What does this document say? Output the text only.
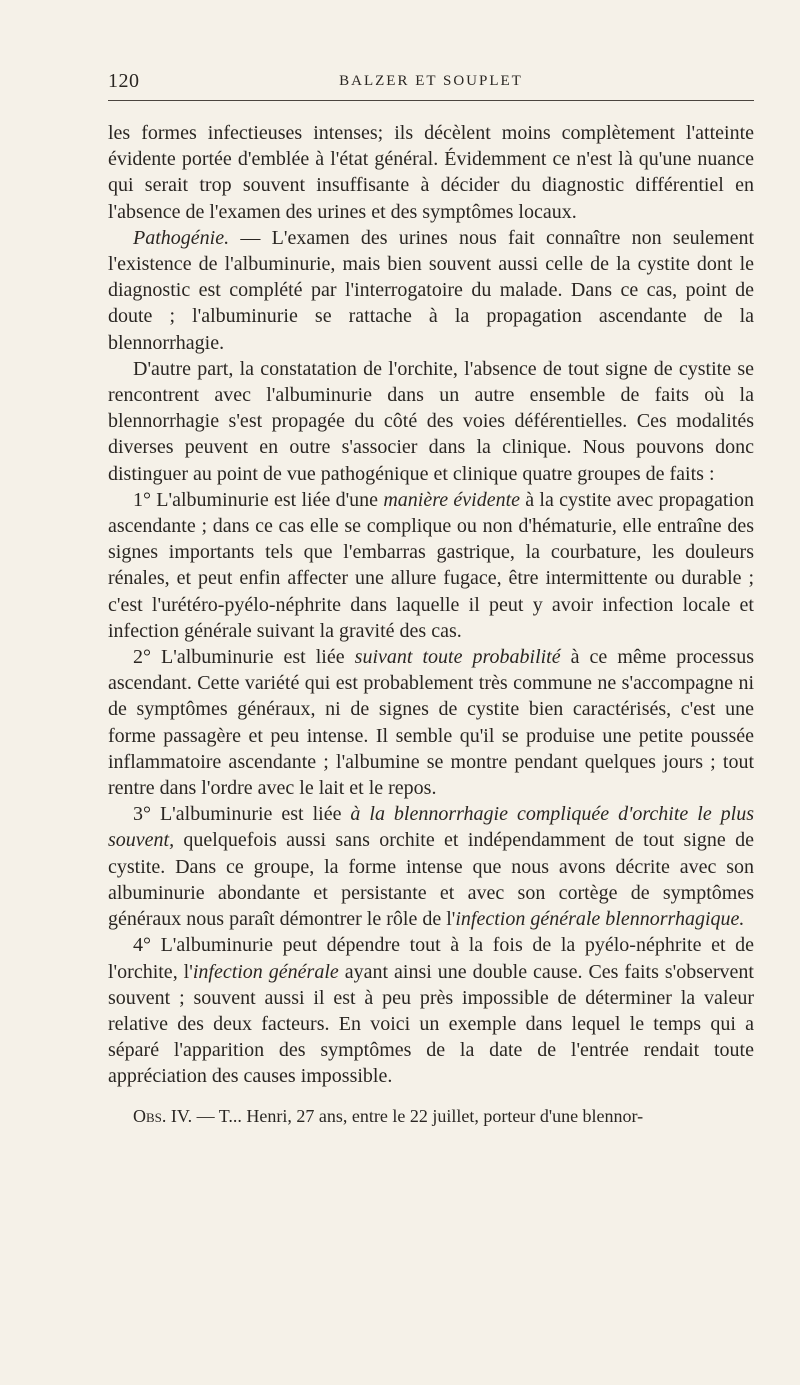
120	BALZER ET SOUPLET

les formes infectieuses intenses; ils décèlent moins complètement l'atteinte évidente portée d'emblée à l'état général. Évidemment ce n'est là qu'une nuance qui serait trop souvent insuffisante à décider du diagnostic différentiel en l'absence de l'examen des urines et des symptômes locaux.

Pathogénie. — L'examen des urines nous fait connaître non seulement l'existence de l'albuminurie, mais bien souvent aussi celle de la cystite dont le diagnostic est complété par l'interrogatoire du malade. Dans ce cas, point de doute ; l'albuminurie se rattache à la propagation ascendante de la blennorrhagie.

D'autre part, la constatation de l'orchite, l'absence de tout signe de cystite se rencontrent avec l'albuminurie dans un autre ensemble de faits où la blennorrhagie s'est propagée du côté des voies déférentielles. Ces modalités diverses peuvent en outre s'associer dans la clinique. Nous pouvons donc distinguer au point de vue pathogénique et clinique quatre groupes de faits :

1° L'albuminurie est liée d'une manière évidente à la cystite avec propagation ascendante ; dans ce cas elle se complique ou non d'hématurie, elle entraîne des signes importants tels que l'embarras gastrique, la courbature, les douleurs rénales, et peut enfin affecter une allure fugace, être intermittente ou durable ; c'est l'urétéro-pyélo-néphrite dans laquelle il peut y avoir infection locale et infection générale suivant la gravité des cas.

2° L'albuminurie est liée suivant toute probabilité à ce même processus ascendant. Cette variété qui est probablement très commune ne s'accompagne ni de symptômes généraux, ni de signes de cystite bien caractérisés, c'est une forme passagère et peu intense. Il semble qu'il se produise une petite poussée inflammatoire ascendante ; l'albumine se montre pendant quelques jours ; tout rentre dans l'ordre avec le lait et le repos.

3° L'albuminurie est liée à la blennorrhagie compliquée d'orchite le plus souvent, quelquefois aussi sans orchite et indépendamment de tout signe de cystite. Dans ce groupe, la forme intense que nous avons décrite avec son albuminurie abondante et persistante et avec son cortège de symptômes généraux nous paraît démontrer le rôle de l'infection générale blennorrhagique.

4° L'albuminurie peut dépendre tout à la fois de la pyélo-néphrite et de l'orchite, l'infection générale ayant ainsi une double cause. Ces faits s'observent souvent ; souvent aussi il est à peu près impossible de déterminer la valeur relative des deux facteurs. En voici un exemple dans lequel le temps qui a séparé l'apparition des symptômes de la date de l'entrée rendait toute appréciation des causes impossible.

Obs. IV. — T... Henri, 27 ans, entre le 22 juillet, porteur d'une blennor-
